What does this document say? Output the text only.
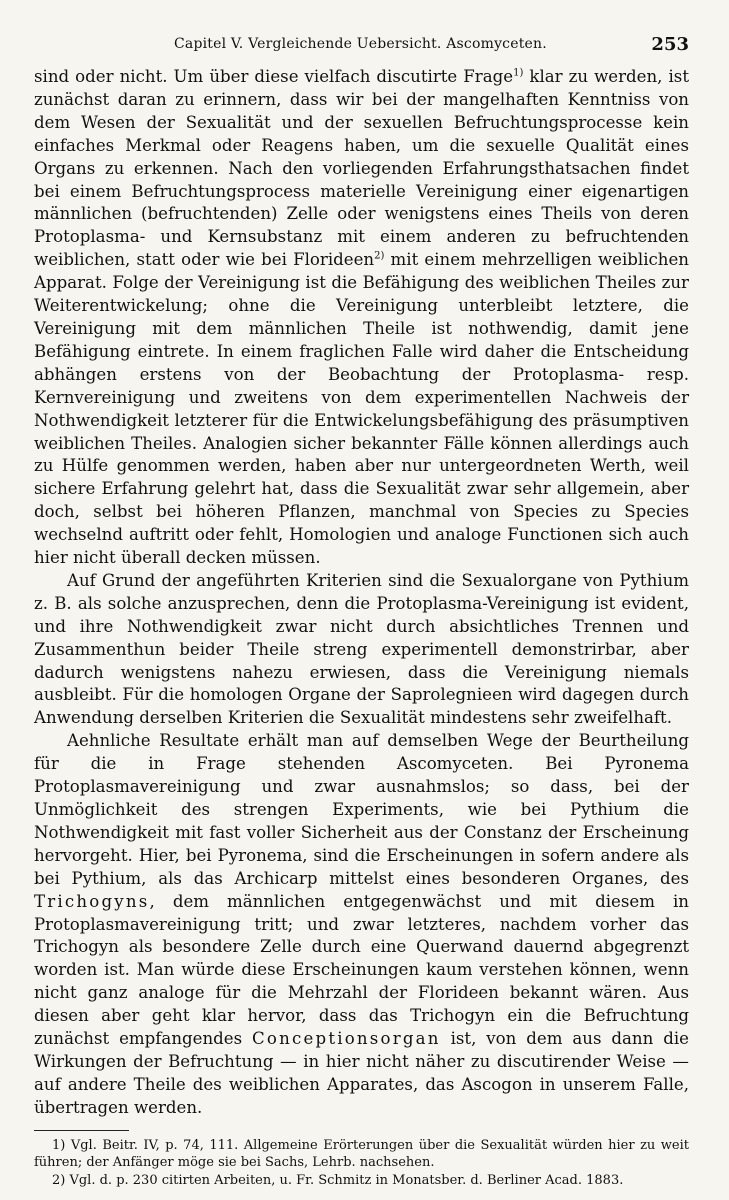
Capitel V. Vergleichende Uebersicht. Ascomyceten.	253

sind oder nicht. Um über diese vielfach discutirte Frage$^{1)}$ klar zu werden, ist zunächst daran zu erinnern, dass wir bei der mangelhaften Kenntniss von dem Wesen der Sexualität und der sexuellen Befruchtungsprocesse kein einfaches Merkmal oder Reagens haben, um die sexuelle Qualität eines Organs zu erkennen. Nach den vorliegenden Erfahrungsthatsachen findet bei einem Befruchtungsprocess materielle Vereinigung einer eigenartigen männlichen (befruchtenden) Zelle oder wenigstens eines Theils von deren Protoplasma- und Kernsubstanz mit einem anderen zu befruchtenden weiblichen, statt oder wie bei Florideen$^{2)}$ mit einem mehrzelligen weiblichen Apparat. Folge der Vereinigung ist die Befähigung des weiblichen Theiles zur Weiterentwickelung; ohne die Vereinigung unterbleibt letztere, die Vereinigung mit dem männlichen Theile ist nothwendig, damit jene Befähigung eintrete. In einem fraglichen Falle wird daher die Entscheidung abhängen erstens von der Beobachtung der Protoplasma- resp. Kernvereinigung und zweitens von dem experimentellen Nachweis der Nothwendigkeit letzterer für die Entwickelungsbefähigung des präsumptiven weiblichen Theiles. Analogien sicher bekannter Fälle können allerdings auch zu Hülfe genommen werden, haben aber nur untergeordneten Werth, weil sichere Erfahrung gelehrt hat, dass die Sexualität zwar sehr allgemein, aber doch, selbst bei höheren Pflanzen, manchmal von Species zu Species wechselnd auftritt oder fehlt, Homologien und analoge Functionen sich auch hier nicht überall decken müssen.

Auf Grund der angeführten Kriterien sind die Sexualorgane von Pythium z. B. als solche anzusprechen, denn die Protoplasma-Vereinigung ist evident, und ihre Nothwendigkeit zwar nicht durch absichtliches Trennen und Zusammenthun beider Theile streng experimentell demonstrirbar, aber dadurch wenigstens nahezu erwiesen, dass die Vereinigung niemals ausbleibt. Für die homologen Organe der Saprolegnieen wird dagegen durch Anwendung derselben Kriterien die Sexualität mindestens sehr zweifelhaft.

Aehnliche Resultate erhält man auf demselben Wege der Beurtheilung für die in Frage stehenden Ascomyceten. Bei Pyronema Protoplasmavereinigung und zwar ausnahmslos; so dass, bei der Unmöglichkeit des strengen Experiments, wie bei Pythium die Nothwendigkeit mit fast voller Sicherheit aus der Constanz der Erscheinung hervorgeht. Hier, bei Pyronema, sind die Erscheinungen in sofern andere als bei Pythium, als das Archicarp mittelst eines besonderen Organes, des Trichogyns, dem männlichen entgegenwächst und mit diesem in Protoplasmavereinigung tritt; und zwar letzteres, nachdem vorher das Trichogyn als besondere Zelle durch eine Querwand dauernd abgegrenzt worden ist. Man würde diese Erscheinungen kaum verstehen können, wenn nicht ganz analoge für die Mehrzahl der Florideen bekannt wären. Aus diesen aber geht klar hervor, dass das Trichogyn ein die Befruchtung zunächst empfangendes Conceptionsorgan ist, von dem aus dann die Wirkungen der Befruchtung — in hier nicht näher zu discutirender Weise — auf andere Theile des weiblichen Apparates, das Ascogon in unserem Falle, übertragen werden.

1) Vgl. Beitr. IV, p. 74, 111. Allgemeine Erörterungen über die Sexualität würden hier zu weit führen; der Anfänger möge sie bei Sachs, Lehrb. nachsehen.

2) Vgl. d. p. 230 citirten Arbeiten, u. Fr. Schmitz in Monatsber. d. Berliner Acad. 1883.
